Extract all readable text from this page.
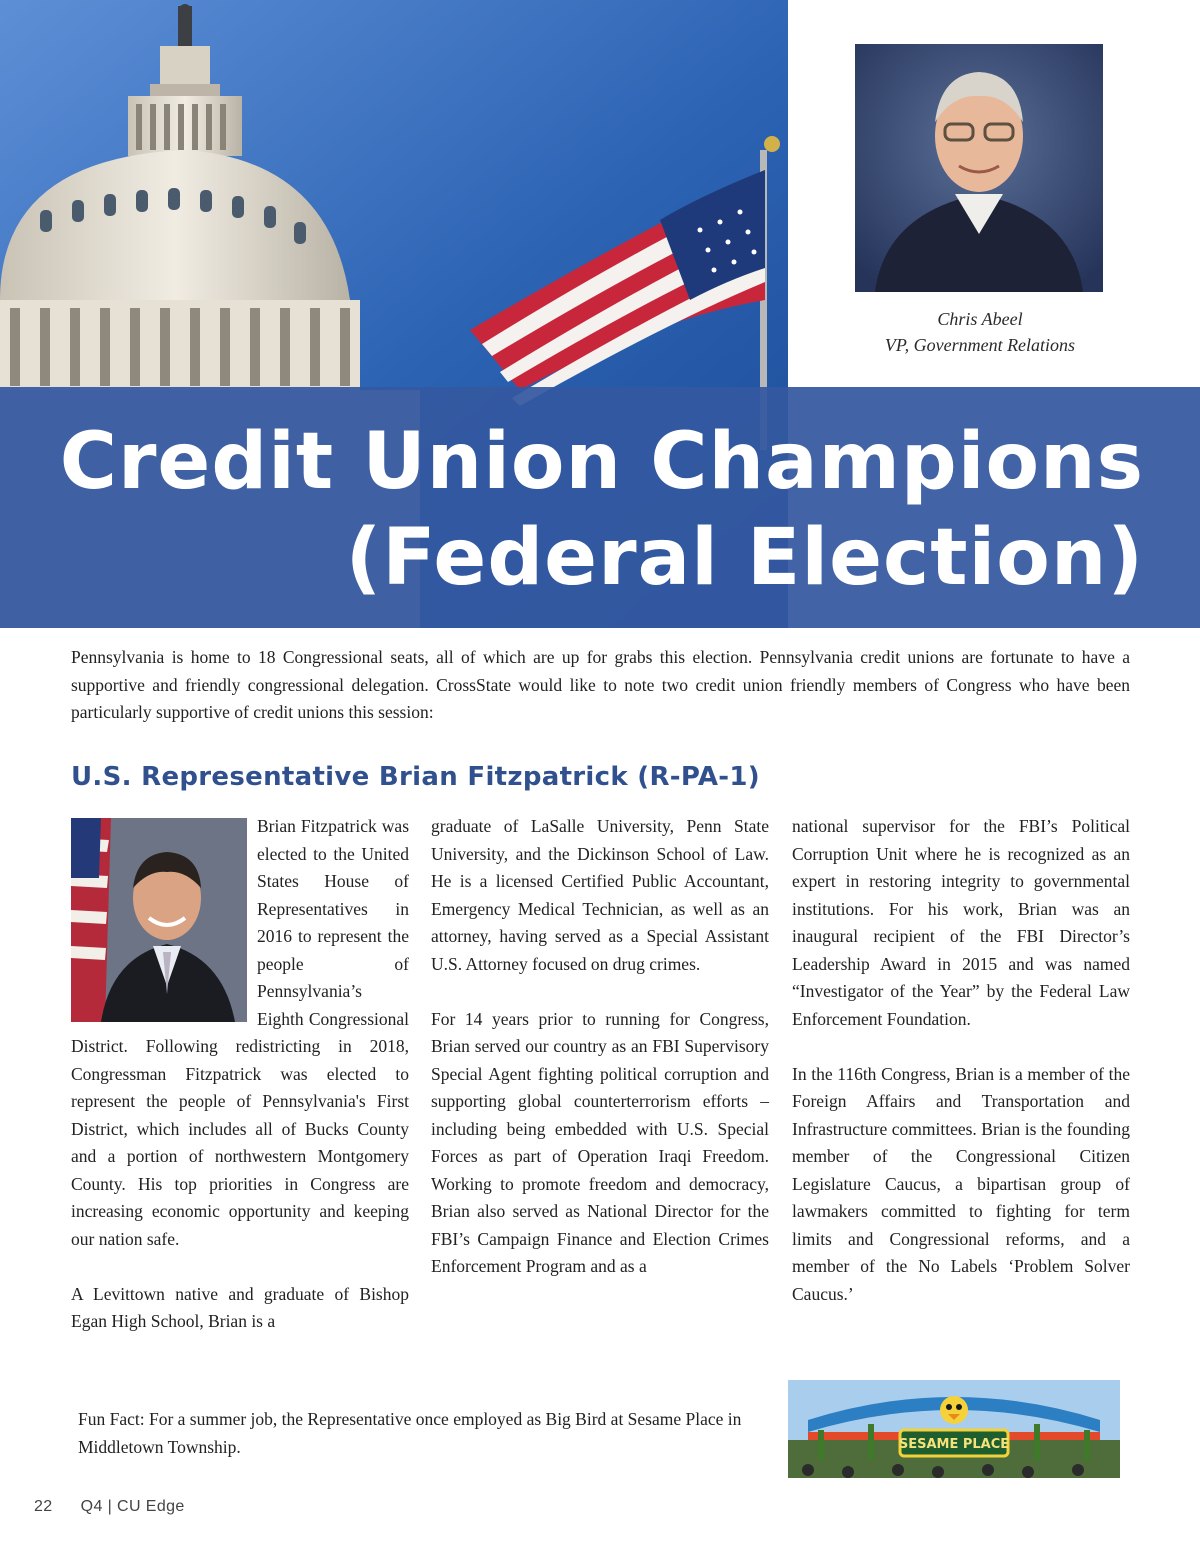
Credit Union Champions
(Federal Election)
Chris Abeel
VP, Government Relations

Pennsylvania is home to 18 Congressional seats, all of which are up for grabs this election. Pennsylvania credit unions are fortunate to have a supportive and friendly congressional delegation. CrossState would like to note two credit union friendly members of Congress who have been particularly supportive of credit unions this session:

U.S. Representative Brian Fitzpatrick (R-PA-1)

Brian Fitzpatrick was elected to the United States House of Representatives in 2016 to represent the people of Pennsylvania’s Eighth Congressional District. Following redistricting in 2018, Congressman Fitzpatrick was elected to represent the people of Pennsylvania's First District, which includes all of Bucks County and a portion of northwestern Montgomery County. His top priorities in Congress are increasing economic opportunity and keeping our nation safe.

A Levittown native and graduate of Bishop Egan High School, Brian is a

graduate of LaSalle University, Penn State University, and the Dickinson School of Law. He is a licensed Certified Public Accountant, Emergency Medical Technician, as well as an attorney, having served as a Special Assistant U.S. Attorney focused on drug crimes.

For 14 years prior to running for Congress, Brian served our country as an FBI Supervisory Special Agent fighting political corruption and supporting global counterterrorism efforts – including being embedded with U.S. Special Forces as part of Operation Iraqi Freedom. Working to promote freedom and democracy, Brian also served as National Director for the FBI’s Campaign Finance and Election Crimes Enforcement Program and as a

national supervisor for the FBI’s Political Corruption Unit where he is recognized as an expert in restoring integrity to governmental institutions. For his work, Brian was an inaugural recipient of the FBI Director’s Leadership Award in 2015 and was named “Investigator of the Year” by the Federal Law Enforcement Foundation.

In the 116th Congress, Brian is a member of the Foreign Affairs and Transportation and Infrastructure committees. Brian is the founding member of the Congressional Citizen Legislature Caucus, a bipartisan group of lawmakers committed to fighting for term limits and Congressional reforms, and a member of the No Labels ‘Problem Solver Caucus.’

Fun Fact: For a summer job, the Representative once employed as Big Bird at Sesame Place in Middletown Township.	SESAME PLACE
22 Q4 | CU Edge
